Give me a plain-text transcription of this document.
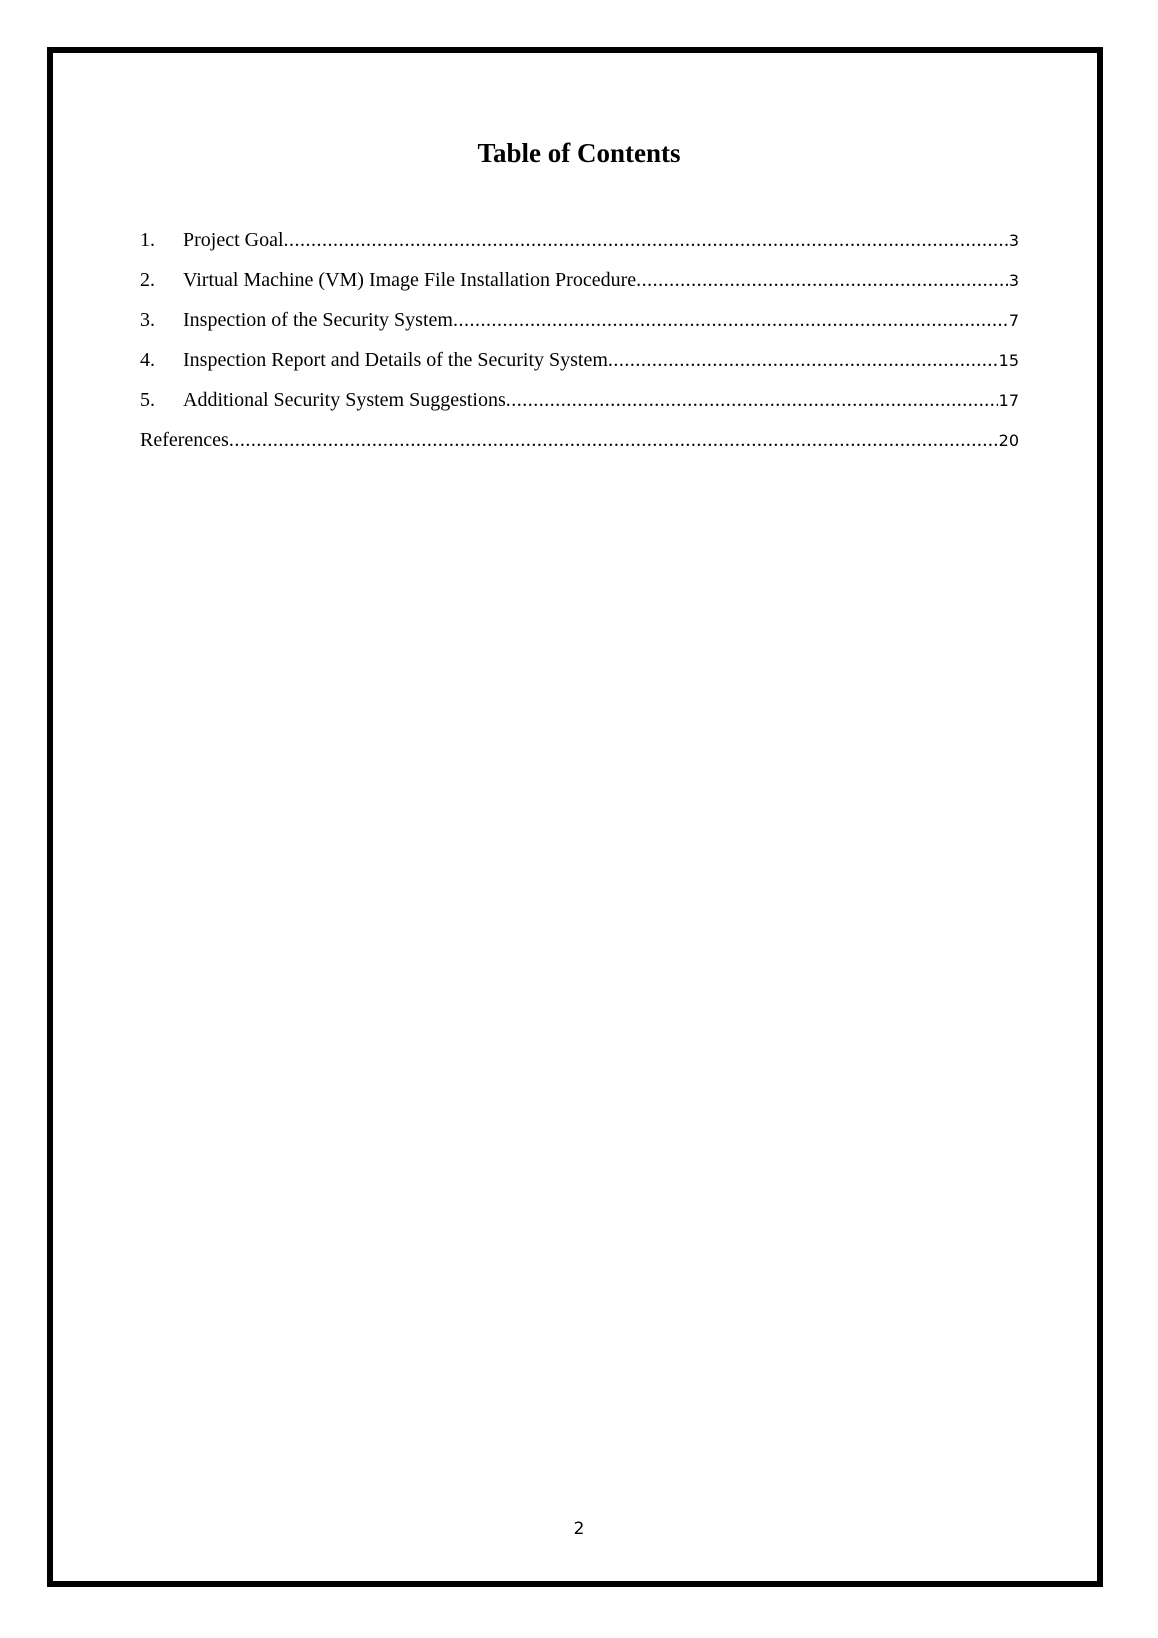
Table of Contents
1.	Project Goal .....	3
2.	Virtual Machine (VM) Image File Installation Procedure .....	3
3.	Inspection of the Security System .....	7
4.	Inspection Report and Details of the Security System .....	15
5.	Additional Security System Suggestions .....	17
References .....	20
2
